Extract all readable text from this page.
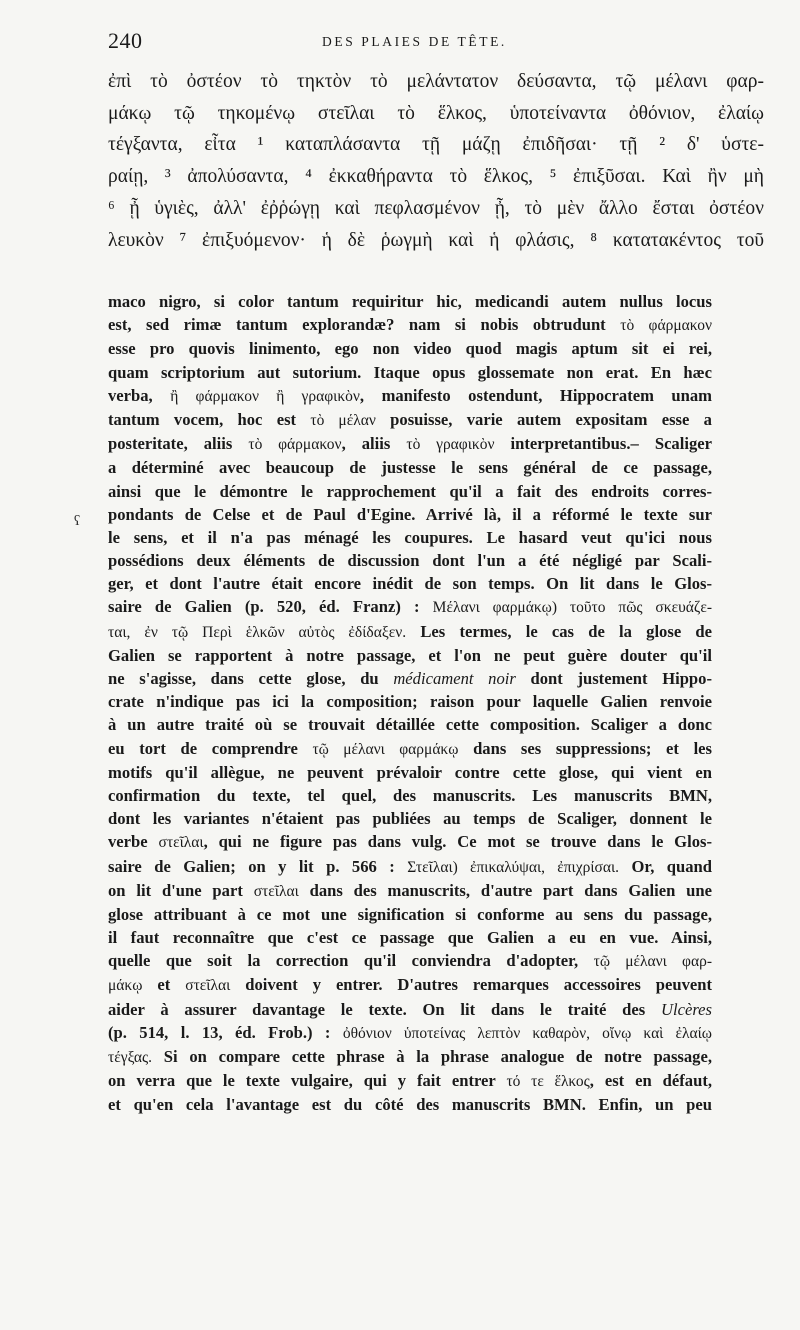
240	DES PLAIES DE TÊTE.
ἐπὶ τὸ ὀστέον τὸ τηκτὸν τὸ μελάντατον δεύσαντα, τῷ μέλανι φαρ-
μάκῳ τῷ τηκομένῳ στεῖλαι τὸ ἕλκος, ὑποτείναντα ὀθόνιον, ἐλαίῳ
τέγξαντα, εἶτα ¹ καταπλάσαντα τῇ μάζῃ ἐπιδῆσαι· τῇ ² δ' ὑστε-
ραίῃ, ³ ἀπολύσαντα, ⁴ ἐκκαθήραντα τὸ ἕλκος, ⁵ ἐπιξῦσαι. Καὶ ἢν μὴ
⁶ ᾖ ὑγιὲς, ἀλλ' ἐῤῥώγῃ καὶ πεφλασμένον ᾖ, τὸ μὲν ἄλλο ἔσται ὀστέον
λευκὸν ⁷ ἐπιξυόμενον· ἡ δὲ ῥωγμὴ καὶ ἡ φλάσις, ⁸ κατατακέντος τοῦ
ʕ
maco nigro, si color tantum requiritur hic, medicandi autem nullus locus
est, sed rimæ tantum explorandæ? nam si nobis obtrudunt τὸ φάρμακον
esse pro quovis linimento, ego non video quod magis aptum sit ei rei,
quam scriptorium aut sutorium. Itaque opus glossemate non erat. En hæc
verba, ἢ φάρμακον ἢ γραφικὸν, manifesto ostendunt, Hippocratem unam
tantum vocem, hoc est τὸ μέλαν posuisse, varie autem expositam esse a
posteritate, aliis τὸ φάρμακον, aliis τὸ γραφικὸν interpretantibus.– Scaliger
a déterminé avec beaucoup de justesse le sens général de ce passage,
ainsi que le démontre le rapprochement qu'il a fait des endroits corres-
pondants de Celse et de Paul d'Egine. Arrivé là, il a réformé le texte sur
le sens, et il n'a pas ménagé les coupures. Le hasard veut qu'ici nous
possédions deux éléments de discussion dont l'un a été négligé par Scali-
ger, et dont l'autre était encore inédit de son temps. On lit dans le Glos-
saire de Galien (p. 520, éd. Franz) : Μέλανι φαρμάκῳ) τοῦτο πῶς σκευάζε-
ται, ἐν τῷ Περὶ ἑλκῶν αὐτὸς ἐδίδαξεν. Les termes, le cas de la glose de
Galien se rapportent à notre passage, et l'on ne peut guère douter qu'il
ne s'agisse, dans cette glose, du médicament noir dont justement Hippo-
crate n'indique pas ici la composition; raison pour laquelle Galien renvoie
à un autre traité où se trouvait détaillée cette composition. Scaliger a donc
eu tort de comprendre τῷ μέλανι φαρμάκῳ dans ses suppressions; et les
motifs qu'il allègue, ne peuvent prévaloir contre cette glose, qui vient en
confirmation du texte, tel quel, des manuscrits. Les manuscrits BMN,
dont les variantes n'étaient pas publiées au temps de Scaliger, donnent le
verbe στεῖλαι, qui ne figure pas dans vulg. Ce mot se trouve dans le Glos-
saire de Galien; on y lit p. 566 : Στεῖλαι) ἐπικαλύψαι, ἐπιχρίσαι. Or, quand
on lit d'une part στεῖλαι dans des manuscrits, d'autre part dans Galien une
glose attribuant à ce mot une signification si conforme au sens du passage,
il faut reconnaître que c'est ce passage que Galien a eu en vue. Ainsi,
quelle que soit la correction qu'il conviendra d'adopter, τῷ μέλανι φαρ-
μάκῳ et στεῖλαι doivent y entrer. D'autres remarques accessoires peuvent
aider à assurer davantage le texte. On lit dans le traité des Ulcères
(p. 514, l. 13, éd. Frob.) : ὀθόνιον ὑποτείνας λεπτὸν καθαρὸν, οἴνῳ καὶ ἐλαίῳ
τέγξας. Si on compare cette phrase à la phrase analogue de notre passage,
on verra que le texte vulgaire, qui y fait entrer τό τε ἕλκος, est en défaut,
et qu'en cela l'avantage est du côté des manuscrits BMN. Enfin, un peu
